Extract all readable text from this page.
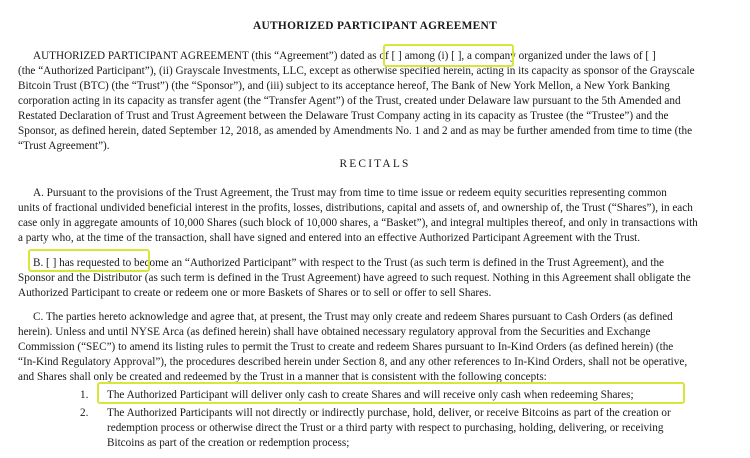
AUTHORIZED PARTICIPANT AGREEMENT
AUTHORIZED PARTICIPANT AGREEMENT (this “Agreement”) dated as of [ ] among (i) [ ], a company organized under the laws of [ ]
(the “Authorized Participant”), (ii) Grayscale Investments, LLC, except as otherwise specified herein, acting in its capacity as sponsor of the Grayscale
Bitcoin Trust (BTC) (the “Trust”) (the “Sponsor”), and (iii) subject to its acceptance hereof, The Bank of New York Mellon, a New York Banking
corporation acting in its capacity as transfer agent (the “Transfer Agent”) of the Trust, created under Delaware law pursuant to the 5th Amended and
Restated Declaration of Trust and Trust Agreement between the Delaware Trust Company acting in its capacity as Trustee (the “Trustee”) and the
Sponsor, as defined herein, dated September 12, 2018, as amended by Amendments No. 1 and 2 and as may be further amended from time to time (the
“Trust Agreement”).
RECITALS
A. Pursuant to the provisions of the Trust Agreement, the Trust may from time to time issue or redeem equity securities representing common
units of fractional undivided beneficial interest in the profits, losses, distributions, capital and assets of, and ownership of, the Trust (“Shares”), in each
case only in aggregate amounts of 10,000 Shares (such block of 10,000 shares, a “Basket”), and integral multiples thereof, and only in transactions with
a party who, at the time of the transaction, shall have signed and entered into an effective Authorized Participant Agreement with the Trust.
B. [ ] has requested to become an “Authorized Participant” with respect to the Trust (as such term is defined in the Trust Agreement), and the
Sponsor and the Distributor (as such term is defined in the Trust Agreement) have agreed to such request. Nothing in this Agreement shall obligate the
Authorized Participant to create or redeem one or more Baskets of Shares or to sell or offer to sell Shares.
C. The parties hereto acknowledge and agree that, at present, the Trust may only create and redeem Shares pursuant to Cash Orders (as defined
herein). Unless and until NYSE Arca (as defined herein) shall have obtained necessary regulatory approval from the Securities and Exchange
Commission (“SEC”) to amend its listing rules to permit the Trust to create and redeem Shares pursuant to In-Kind Orders (as defined herein) (the
“In-Kind Regulatory Approval”), the procedures described herein under Section 8, and any other references to In-Kind Orders, shall not be operative,
and Shares shall only be created and redeemed by the Trust in a manner that is consistent with the following concepts:
1. The Authorized Participant will deliver only cash to create Shares and will receive only cash when redeeming Shares;
2. The Authorized Participants will not directly or indirectly purchase, hold, deliver, or receive Bitcoins as part of the creation or
redemption process or otherwise direct the Trust or a third party with respect to purchasing, holding, delivering, or receiving
Bitcoins as part of the creation or redemption process;
